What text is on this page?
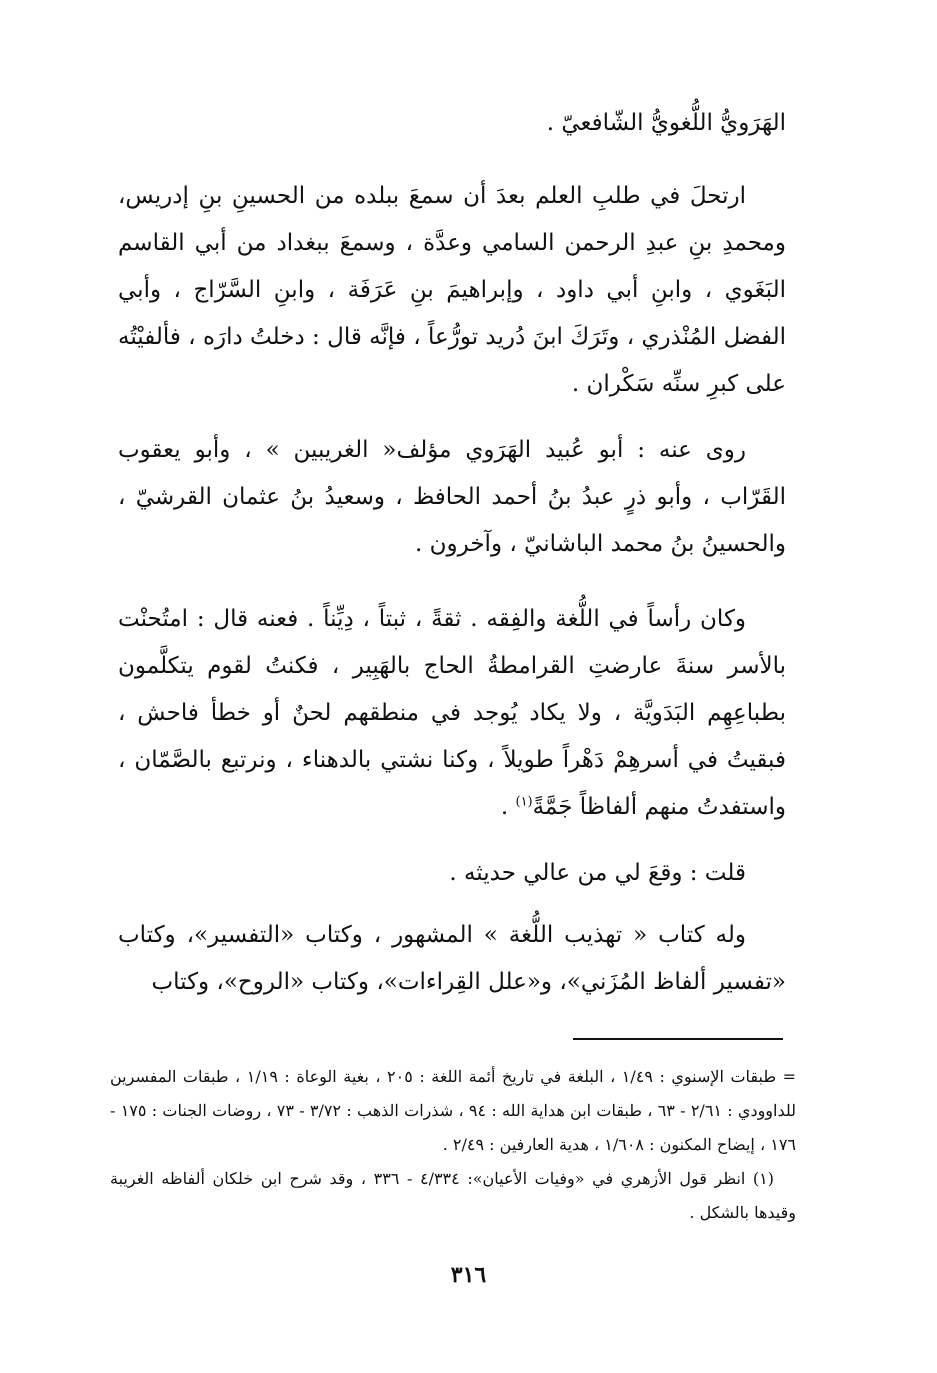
الهَرَويُّ اللُّغويُّ الشّافعيّ .

ارتحلَ في طلبِ العلم بعدَ أن سمعَ ببلده من الحسينِ بنِ إدريس، ومحمدِ بنِ عبدِ الرحمن السامي وعدَّة ، وسمعَ ببغداد من أبي القاسم البَغَوي ، وابنِ أبي داود ، وإبراهيمَ بنِ عَرَفَة ، وابنِ السَّرّاج ، وأبي الفضل المُنْذري ، وتَرَكَ ابنَ دُريد تورُّعاً ، فإنَّه قال : دخلتُ دارَه ، فألفيْتُه على كبرِ سنِّه سَكْران .

روى عنه : أبو عُبيد الهَرَوي مؤلف« الغريبين » ، وأبو يعقوب القَرّاب ، وأبو ذرٍ عبدُ بنُ أحمد الحافظ ، وسعيدُ بنُ عثمان القرشيّ ، والحسينُ بنُ محمد الباشانيّ ، وآخرون .

وكان رأساً في اللُّغة والفِقه . ثقةً ، ثبتاً ، دِيِّناً . فعنه قال : امتُحنْت بالأسر سنةَ عارضتِ القرامطةُ الحاج بالهَبِير ، فكنتُ لقوم يتكلَّمون بطباعِهِم البَدَويَّة ، ولا يكاد يُوجد في منطقهم لحنٌ أو خطأ فاحش ، فبقيتُ في أسرهِمْ دَهْراً طويلاً ، وكنا نشتي بالدهناء ، ونرتبع بالصَّمّان ، واستفدتُ منهم ألفاظاً جَمَّةً$^{(١)}$ .

قلت : وقعَ لي من عالي حديثه .

وله كتاب « تهذيب اللُّغة » المشهور ، وكتاب «التفسير»، وكتاب «تفسير ألفاظ المُزَني»، و«علل القِراءات»، وكتاب «الروح»، وكتاب

= طبقات الإسنوي : ١/٤٩ ، البلغة في تاريخ أئمة اللغة : ٢٠٥ ، بغية الوعاة : ١/١٩ ، طبقات المفسرين للداوودي : ٢/٦١ - ٦٣ ، طبقات ابن هداية الله : ٩٤ ، شذرات الذهب : ٣/٧٢ - ٧٣ ، روضات الجنات : ١٧٥ - ١٧٦ ، إيضاح المكنون : ١/٦٠٨ ، هدية العارفين : ٢/٤٩ .

(١) انظر قول الأزهري في «وفيات الأعيان»: ٤/٣٣٤ - ٣٣٦ ، وقد شرح ابن خلكان ألفاظه الغريبة وقيدها بالشكل .

٣١٦
